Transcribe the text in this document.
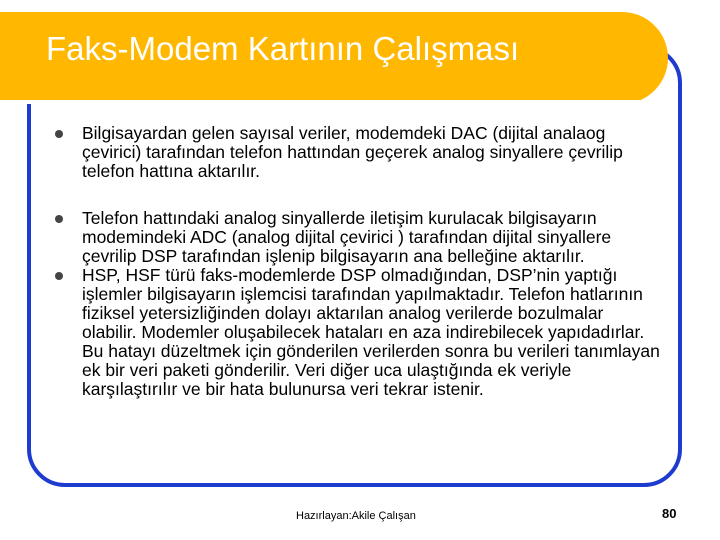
Faks-Modem Kartının Çalışması
Bilgisayardan gelen sayısal veriler, modemdeki DAC (dijital analaog çevirici) tarafından telefon hattından geçerek analog sinyallere çevrilip telefon hattına aktarılır.
Telefon hattındaki analog sinyallerde iletişim kurulacak bilgisayarın modemindeki ADC (analog dijital çevirici ) tarafından dijital sinyallere çevrilip DSP tarafından işlenip bilgisayarın ana belleğine aktarılır.
HSP, HSF türü faks-modemlerde DSP olmadığından, DSP’nin yaptığı işlemler bilgisayarın işlemcisi tarafından yapılmaktadır. Telefon hatlarının fiziksel yetersizliğinden dolayı aktarılan analog verilerde bozulmalar olabilir. Modemler oluşabilecek hataları en aza indirebilecek yapıdadırlar. Bu hatayı düzeltmek için gönderilen verilerden sonra bu verileri tanımlayan ek bir veri paketi gönderilir. Veri diğer uca ulaştığında ek veriyle karşılaştırılır ve bir hata bulunursa veri tekrar istenir.
Hazırlayan:Akile Çalışan	80
